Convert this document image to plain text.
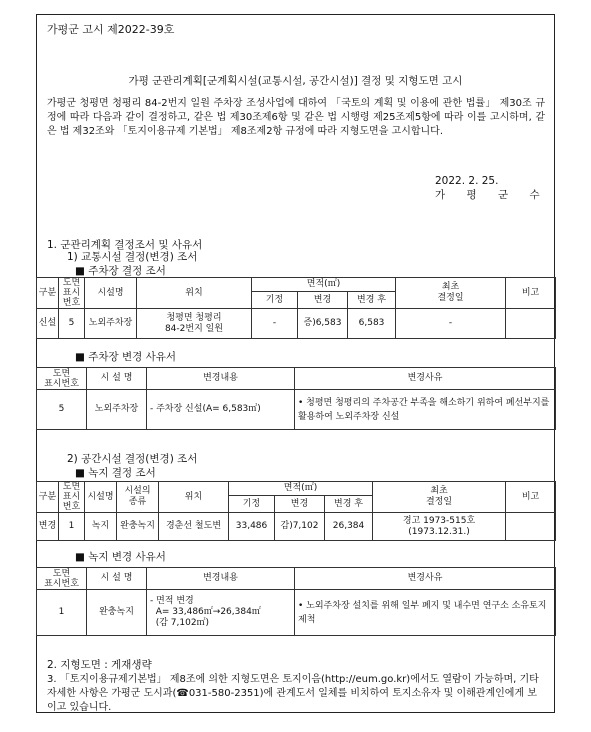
가평군 고시 제2022-39호
가평 군관리계획[군계획시설(교통시설, 공간시설)] 결정 및 지형도면 고시
가평군 청평면 청평리 84-2번지 일원 주차장 조성사업에 대하여 「국토의 계획 및 이용에 관한 법률」 제30조 규정에 따라 다음과 같이 결정하고, 같은 법 제30조제6항 및 같은 법 시행령 제25조제5항에 따라 이를 고시하며, 같은 법 제32조와 「토지이용규제 기본법」 제8조제2항 규정에 따라 지형도면을 고시합니다.
2022. 2. 25.
가 평 군 수
1. 군관리계획 결정조서 및 사유서
1) 교통시설 결정(변경) 조서
■ 주차장 결정 조서
구분	도면
표시
번호	시설명	위치	면적(㎡)			최초
결정일	비고
				기정	변경	변경 후		
신설	5	노외주차장	청평면 청평리
84-2번지 일원	-	증)6,583	6,583	-	
■ 주차장 변경 사유서
도면
표시번호	시 설 명	변경내용	변경사유
5	노외주차장	- 주차장 신설(A= 6,583㎡)	• 청평면 청평리의 주차공간 부족을 해소하기 위하여 폐선부지를 활용하여 노외주차장 신설
2) 공간시설 결정(변경) 조서
■ 녹지 결정 조서
구분	도면
표시
번호	시설명	시설의
종류	위치	면적(㎡)			최초
결정일	비고
					기정	변경	변경 후		
변경	1	녹지	완충녹지	경춘선 철도변	33,486	감)7,102	26,384	경고 1973-515호
(1973.12.31.)	
■ 녹지 변경 사유서
도면
표시번호	시 설 명	변경내용	변경사유
1	완충녹지	- 면적 변경
A= 33,486㎡→26,384㎡
(감 7,102㎡)	• 노외주차장 설치를 위해 일부 폐지 및 내수면 연구소 소유토지 제척
2. 지형도면 : 게재생략
3. 「토지이용규제기본법」 제8조에 의한 지형도면은 토지이음(http://eum.go.kr)에서도 열람이 가능하며, 기타 자세한 사항은 가평군 도시과(☎031-580-2351)에 관계도서 일체를 비치하여 토지소유자 및 이해관계인에게 보이고 있습니다.
